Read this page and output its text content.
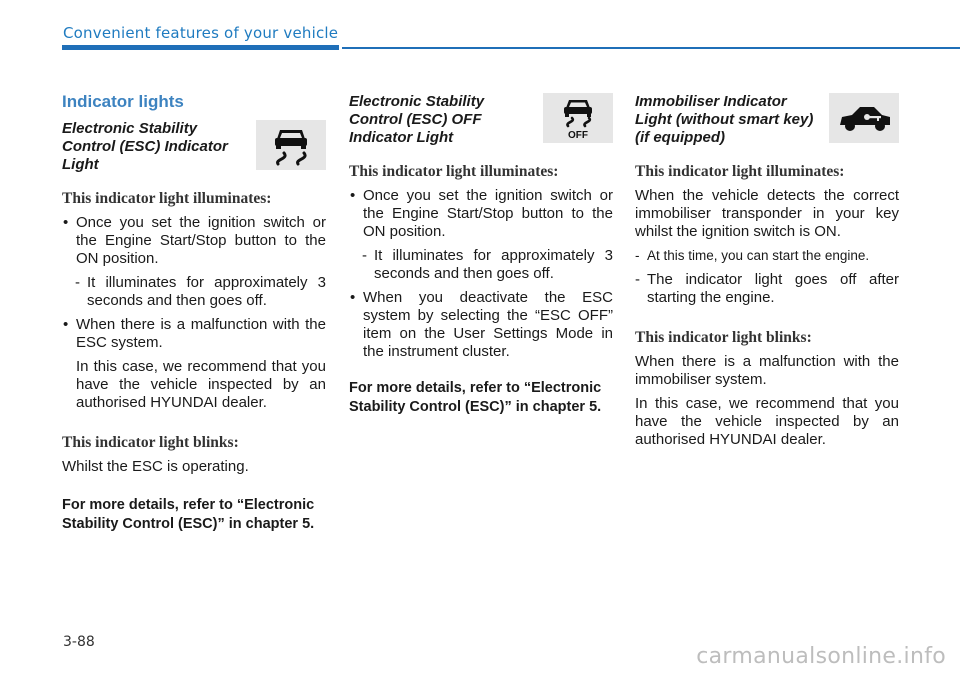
Convenient features of your vehicle
Indicator lights

Electronic Stability Control (ESC) Indicator Light

This indicator light illuminates:
• Once you set the ignition switch or the Engine Start/Stop button to the ON position.
- It illuminates for approximately 3 seconds and then goes off.
• When there is a malfunction with the ESC system.
In this case, we recommend that you have the vehicle inspected by an authorised HYUNDAI dealer.
This indicator light blinks:

Whilst the ESC is operating.

For more details, refer to “Electronic Stability Control (ESC)” in chapter 5.

Electronic Stability Control (ESC) OFF Indicator Light	OFF
This indicator light illuminates:
• Once you set the ignition switch or the Engine Start/Stop button to the ON position.
- It illuminates for approximately 3 seconds and then goes off.
• When you deactivate the ESC system by selecting the “ESC OFF” item on the User Settings Mode in the instrument cluster.

For more details, refer to “Electronic Stability Control (ESC)” in chapter 5.

Immobiliser Indicator Light (without smart key) (if equipped)

This indicator light illuminates:

When the vehicle detects the correct immobiliser transponder in your key whilst the ignition switch is ON.

- At this time, you can start the engine.
- The indicator light goes off after starting the engine.
This indicator light blinks:

When there is a malfunction with the immobiliser system.

In this case, we recommend that you have the vehicle inspected by an authorised HYUNDAI dealer.

3-88
carmanualsonline.info
